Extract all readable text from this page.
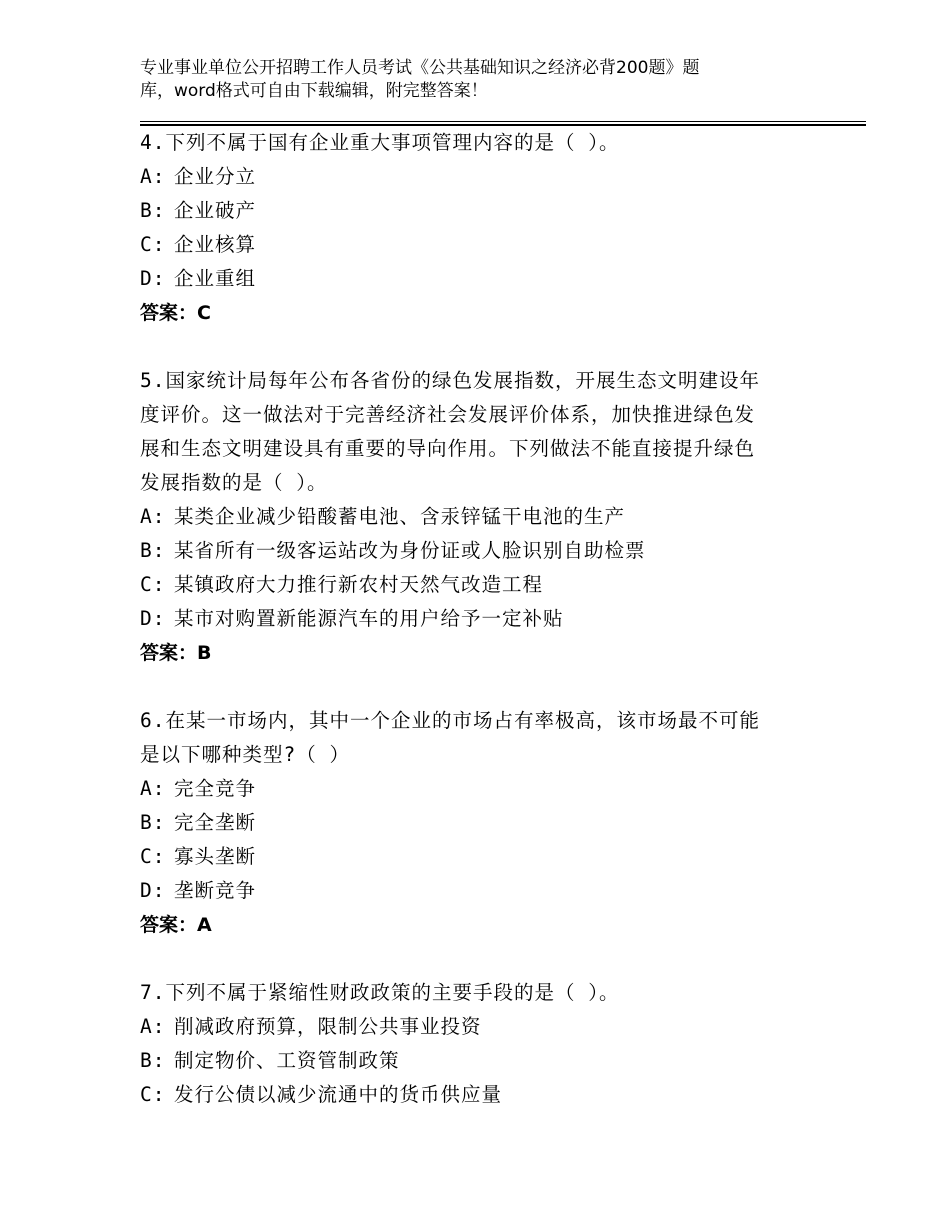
专业事业单位公开招聘工作人员考试《公共基础知识之经济必背200题》题
库，word格式可自由下载编辑，附完整答案！
4.下列不属于国有企业重大事项管理内容的是（ ）。
A: 企业分立
B: 企业破产
C: 企业核算
D: 企业重组
答案：C
5.国家统计局每年公布各省份的绿色发展指数，开展生态文明建设年
度评价。这一做法对于完善经济社会发展评价体系，加快推进绿色发
展和生态文明建设具有重要的导向作用。下列做法不能直接提升绿色
发展指数的是（ ）。
A: 某类企业减少铅酸蓄电池、含汞锌锰干电池的生产
B: 某省所有一级客运站改为身份证或人脸识别自助检票
C: 某镇政府大力推行新农村天然气改造工程
D: 某市对购置新能源汽车的用户给予一定补贴
答案：B
6.在某一市场内，其中一个企业的市场占有率极高，该市场最不可能
是以下哪种类型?（ ）
A: 完全竞争
B: 完全垄断
C: 寡头垄断
D: 垄断竞争
答案：A
7.下列不属于紧缩性财政政策的主要手段的是（ ）。
A: 削减政府预算，限制公共事业投资
B: 制定物价、工资管制政策
C: 发行公债以减少流通中的货币供应量
